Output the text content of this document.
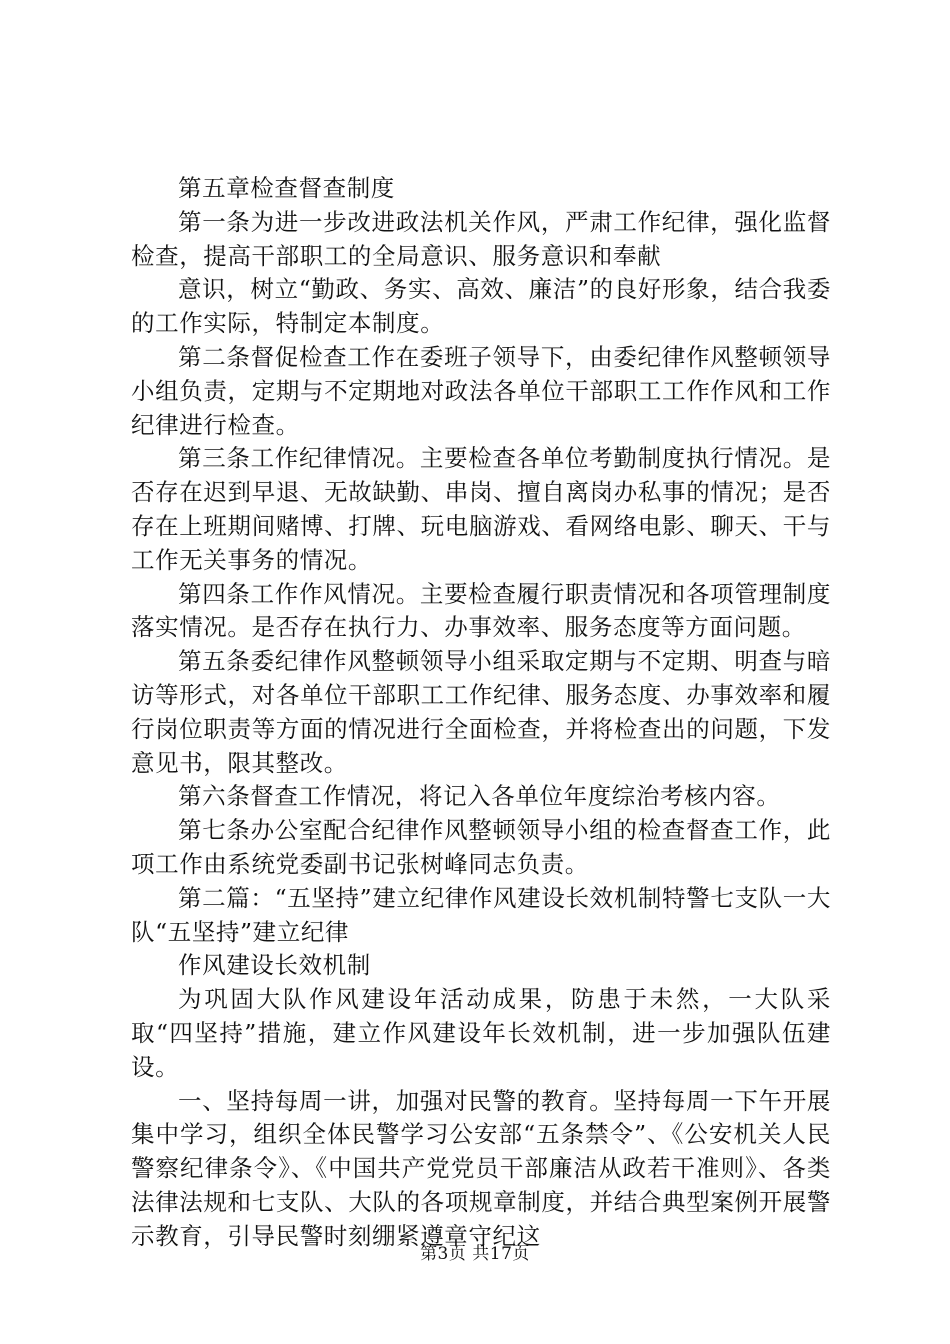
第五章检查督查制度

第一条为进一步改进政法机关作风，严肃工作纪律，强化监督检查，提高干部职工的全局意识、服务意识和奉献

意识，树立“勤政、务实、高效、廉洁”的良好形象，结合我委的工作实际，特制定本制度。

第二条督促检查工作在委班子领导下，由委纪律作风整顿领导小组负责，定期与不定期地对政法各单位干部职工工作作风和工作纪律进行检查。

第三条工作纪律情况。主要检查各单位考勤制度执行情况。是否存在迟到早退、无故缺勤、串岗、擅自离岗办私事的情况；是否存在上班期间赌博、打牌、玩电脑游戏、看网络电影、聊天、干与工作无关事务的情况。

第四条工作作风情况。主要检查履行职责情况和各项管理制度落实情况。是否存在执行力、办事效率、服务态度等方面问题。

第五条委纪律作风整顿领导小组采取定期与不定期、明查与暗访等形式，对各单位干部职工工作纪律、服务态度、办事效率和履行岗位职责等方面的情况进行全面检查，并将检查出的问题，下发意见书，限其整改。

第六条督查工作情况，将记入各单位年度综治考核内容。

第七条办公室配合纪律作风整顿领导小组的检查督查工作，此项工作由系统党委副书记张树峰同志负责。

第二篇：“五坚持”建立纪律作风建设长效机制特警七支队一大队“五坚持”建立纪律

作风建设长效机制

为巩固大队作风建设年活动成果，防患于未然，一大队采取“四坚持”措施，建立作风建设年长效机制，进一步加强队伍建设。

一、坚持每周一讲，加强对民警的教育。坚持每周一下午开展集中学习，组织全体民警学习公安部“五条禁令”、《公安机关人民警察纪律条令》、《中国共产党党员干部廉洁从政若干准则》、各类法律法规和七支队、大队的各项规章制度，并结合典型案例开展警示教育，引导民警时刻绷紧遵章守纪这

第3页 共17页
